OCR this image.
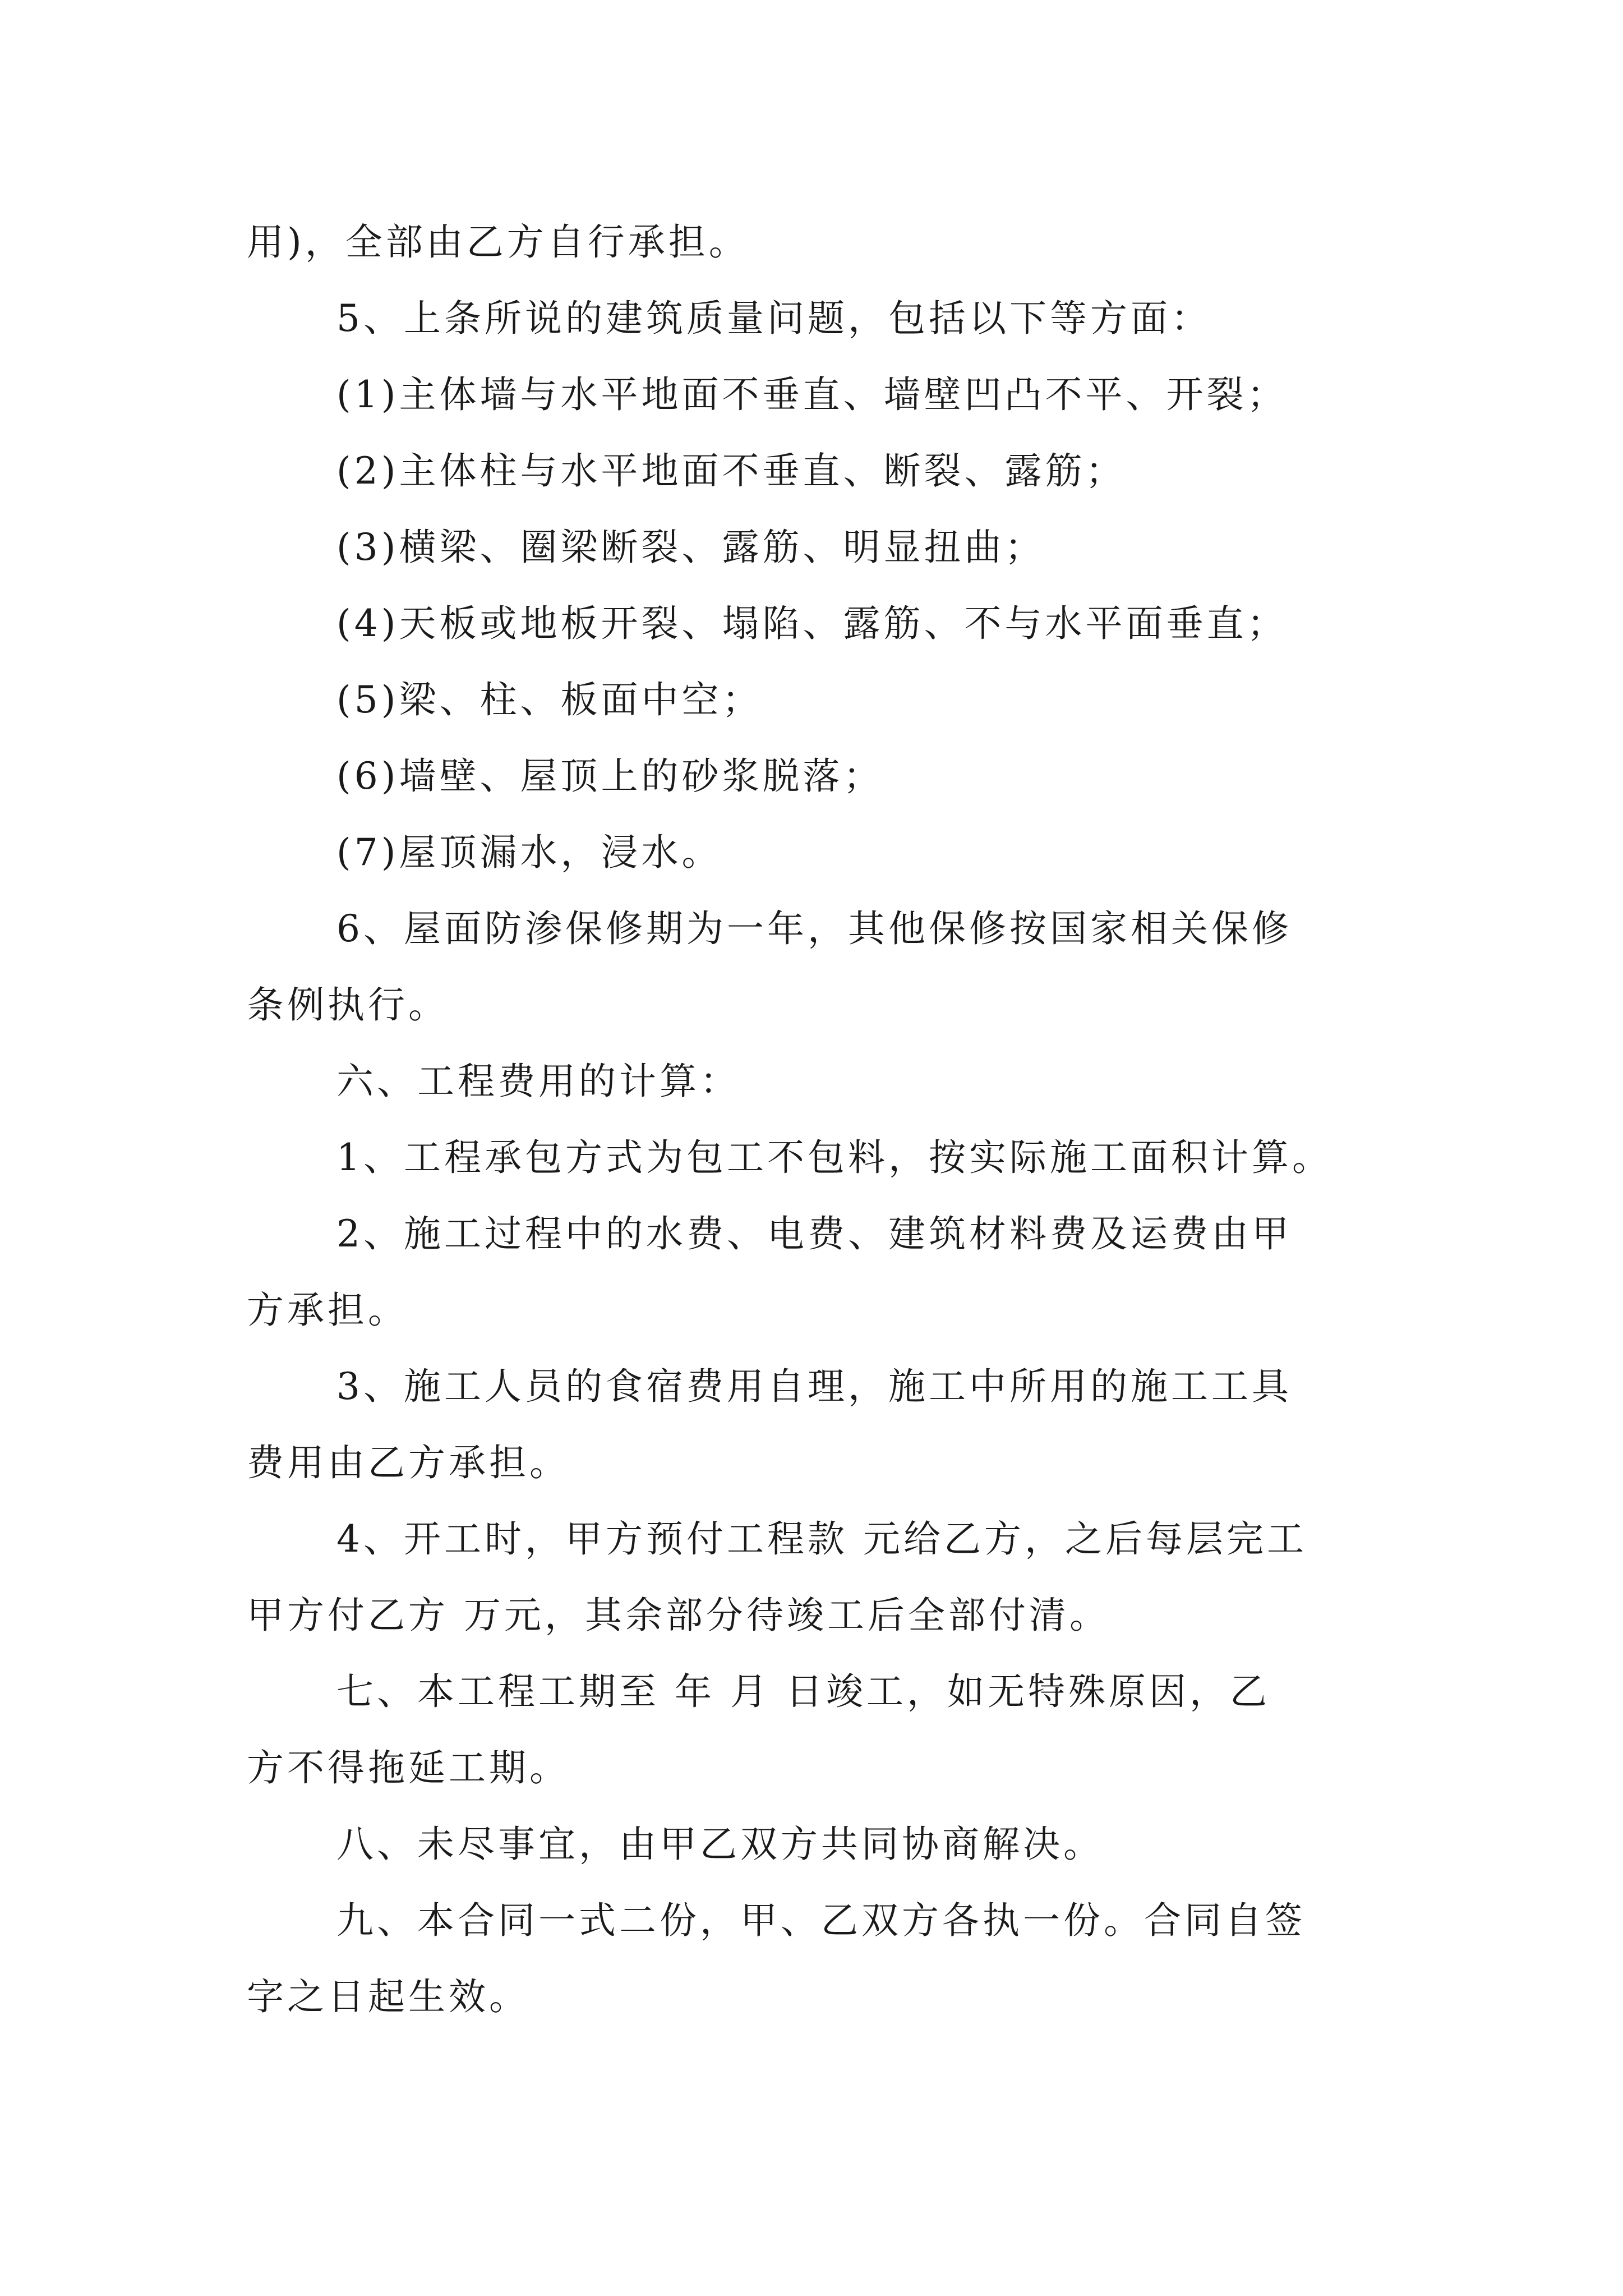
用)，全部由乙方自行承担。

5、上条所说的建筑质量问题，包括以下等方面：

(1)主体墙与水平地面不垂直、墙壁凹凸不平、开裂；

(2)主体柱与水平地面不垂直、断裂、露筋；

(3)横梁、圈梁断裂、露筋、明显扭曲；

(4)天板或地板开裂、塌陷、露筋、不与水平面垂直；

(5)梁、柱、板面中空；

(6)墙壁、屋顶上的砂浆脱落；

(7)屋顶漏水，浸水。

6、屋面防渗保修期为一年，其他保修按国家相关保修

条例执行。

六、工程费用的计算：

1、工程承包方式为包工不包料，按实际施工面积计算。

2、施工过程中的水费、电费、建筑材料费及运费由甲

方承担。

3、施工人员的食宿费用自理，施工中所用的施工工具

费用由乙方承担。

4、开工时，甲方预付工程款 元给乙方，之后每层完工

甲方付乙方 万元，其余部分待竣工后全部付清。

七、本工程工期至 年 月 日竣工，如无特殊原因，乙

方不得拖延工期。

八、未尽事宜，由甲乙双方共同协商解决。

九、本合同一式二份，甲、乙双方各执一份。合同自签

字之日起生效。
